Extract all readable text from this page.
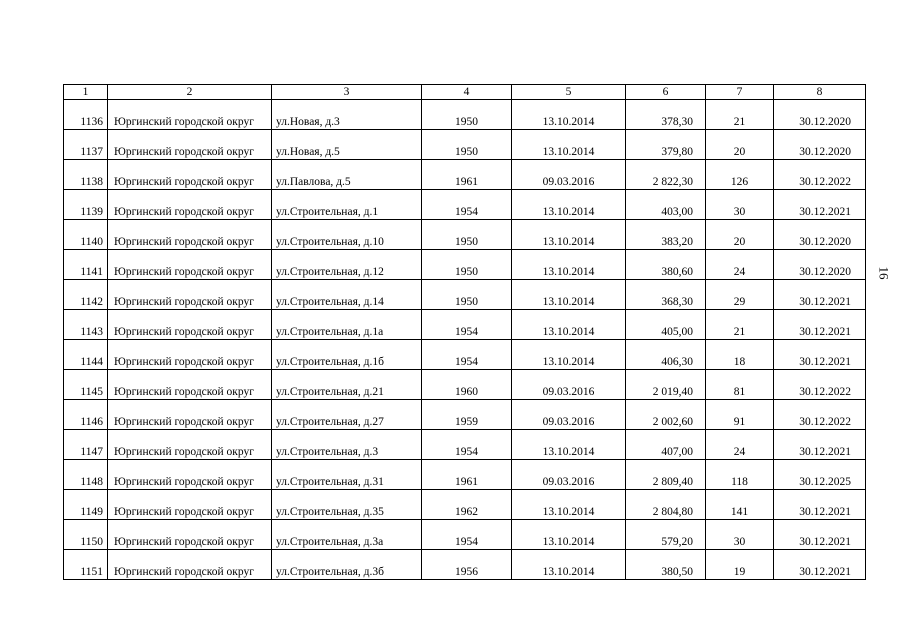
1	2	3	4	5	6	7	8
1136	Юргинский городской округ	ул.Новая, д.3	1950	13.10.2014	378,30	21	30.12.2020
1137	Юргинский городской округ	ул.Новая, д.5	1950	13.10.2014	379,80	20	30.12.2020
1138	Юргинский городской округ	ул.Павлова, д.5	1961	09.03.2016	2 822,30	126	30.12.2022
1139	Юргинский городской округ	ул.Строительная, д.1	1954	13.10.2014	403,00	30	30.12.2021
1140	Юргинский городской округ	ул.Строительная, д.10	1950	13.10.2014	383,20	20	30.12.2020
1141	Юргинский городской округ	ул.Строительная, д.12	1950	13.10.2014	380,60	24	30.12.2020
1142	Юргинский городской округ	ул.Строительная, д.14	1950	13.10.2014	368,30	29	30.12.2021
1143	Юргинский городской округ	ул.Строительная, д.1а	1954	13.10.2014	405,00	21	30.12.2021
1144	Юргинский городской округ	ул.Строительная, д.1б	1954	13.10.2014	406,30	18	30.12.2021
1145	Юргинский городской округ	ул.Строительная, д.21	1960	09.03.2016	2 019,40	81	30.12.2022
1146	Юргинский городской округ	ул.Строительная, д.27	1959	09.03.2016	2 002,60	91	30.12.2022
1147	Юргинский городской округ	ул.Строительная, д.3	1954	13.10.2014	407,00	24	30.12.2021
1148	Юргинский городской округ	ул.Строительная, д.31	1961	09.03.2016	2 809,40	118	30.12.2025
1149	Юргинский городской округ	ул.Строительная, д.35	1962	13.10.2014	2 804,80	141	30.12.2021
1150	Юргинский городской округ	ул.Строительная, д.3а	1954	13.10.2014	579,20	30	30.12.2021
1151	Юргинский городской округ	ул.Строительная, д.3б	1956	13.10.2014	380,50	19	30.12.2021
16
